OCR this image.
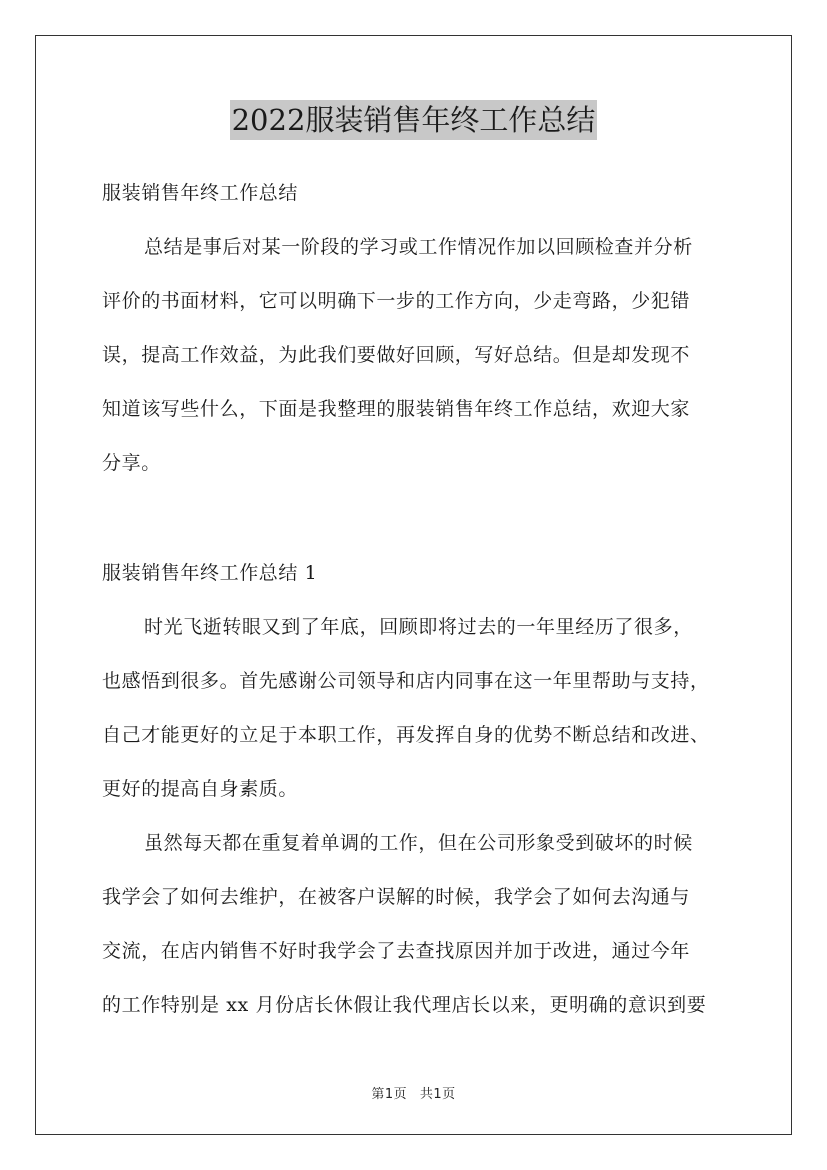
2022服装销售年终工作总结
服装销售年终工作总结
总结是事后对某一阶段的学习或工作情况作加以回顾检查并分析
评价的书面材料，它可以明确下一步的工作方向，少走弯路，少犯错
误，提高工作效益，为此我们要做好回顾，写好总结。但是却发现不
知道该写些什么，下面是我整理的服装销售年终工作总结，欢迎大家
分享。
服装销售年终工作总结 1
时光飞逝转眼又到了年底，回顾即将过去的一年里经历了很多，
也感悟到很多。首先感谢公司领导和店内同事在这一年里帮助与支持，
自己才能更好的立足于本职工作，再发挥自身的优势不断总结和改进、
更好的提高自身素质。
虽然每天都在重复着单调的工作，但在公司形象受到破坏的时候
我学会了如何去维护，在被客户误解的时候，我学会了如何去沟通与
交流，在店内销售不好时我学会了去查找原因并加于改进，通过今年
的工作特别是 xx 月份店长休假让我代理店长以来，更明确的意识到要
第1页 共1页
